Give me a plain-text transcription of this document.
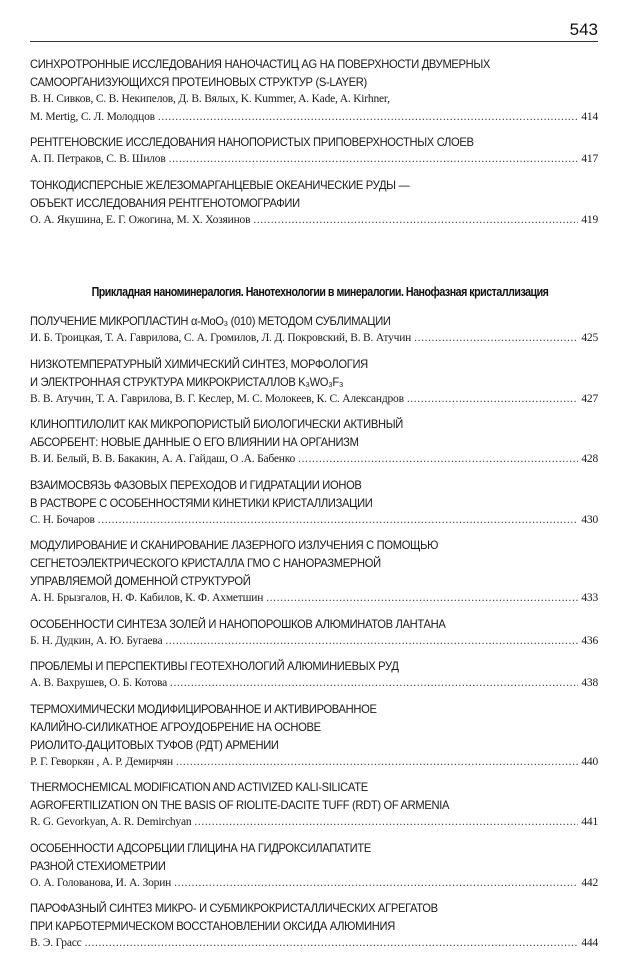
543
СИНХРОТРОННЫЕ ИССЛЕДОВАНИЯ НАНОЧАСТИЦ AG НА ПОВЕРХНОСТИ ДВУМЕРНЫХ
САМООРГАНИЗУЮЩИХСЯ ПРОТЕИНОВЫХ СТРУКТУР (S-LAYER)
В. Н. Сивков, С. В. Некипелов, Д. В. Вялых, K. Kummer, A. Kade, A. Kirhner,
M. Mertig, С. Л. Молодцов .....	414
РЕНТГЕНОВСКИЕ ИССЛЕДОВАНИЯ НАНОПОРИСТЫХ ПРИПОВЕРХНОСТНЫХ СЛОЕВ
А. П. Петраков, С. В. Шилов .....	417
ТОНКОДИСПЕРСНЫЕ ЖЕЛЕЗОМАРГАНЦЕВЫЕ ОКЕАНИЧЕСКИЕ РУДЫ —
ОБЪЕКТ ИССЛЕДОВАНИЯ РЕНТГЕНОТОМОГРАФИИ
О. А. Якушина, Е. Г. Ожогина, М. Х. Хозяинов .....	419
Прикладная наноминералогия. Нанотехнологии в минералогии. Нанофазная кристаллизация
ПОЛУЧЕНИЕ МИКРОПЛАСТИН α-MoO₃ (010) МЕТОДОМ СУБЛИМАЦИИ
И. Б. Троицкая, Т. А. Гаврилова, С. А. Громилов, Л. Д. Покровский, В. В. Атучин .....	425
НИЗКОТЕМПЕРАТУРНЫЙ ХИМИЧЕСКИЙ СИНТЕЗ, МОРФОЛОГИЯ
И ЭЛЕКТРОННАЯ СТРУКТУРА МИКРОКРИСТАЛЛОВ K₃WO₃F₃
В. В. Атучин, Т. А. Гаврилова, В. Г. Кеслер, М. С. Молокеев, К. С. Александров .....	427
КЛИНОПТИЛОЛИТ КАК МИКРОПОРИСТЫЙ БИОЛОГИЧЕСКИ АКТИВНЫЙ
АБСОРБЕНТ: НОВЫЕ ДАННЫЕ О ЕГО ВЛИЯНИИ НА ОРГАНИЗМ
В. И. Белый, В. В. Бакакин, А. А. Гайдаш, О .А. Бабенко .....	428
ВЗАИМОСВЯЗЬ ФАЗОВЫХ ПЕРЕХОДОВ И ГИДРАТАЦИИ ИОНОВ
В РАСТВОРЕ С ОСОБЕННОСТЯМИ КИНЕТИКИ КРИСТАЛЛИЗАЦИИ
С. Н. Бочаров .....	430
МОДУЛИРОВАНИЕ И СКАНИРОВАНИЕ ЛАЗЕРНОГО ИЗЛУЧЕНИЯ С ПОМОЩЬЮ
СЕГНЕТОЭЛЕКТРИЧЕСКОГО КРИСТАЛЛА ГМО С НАНОРАЗМЕРНОЙ
УПРАВЛЯЕМОЙ ДОМЕННОЙ СТРУКТУРОЙ
А. Н. Брызгалов, Н. Ф. Кабилов, К. Ф. Ахметшин .....	433
ОСОБЕННОСТИ СИНТЕЗА ЗОЛЕЙ И НАНОПОРОШКОВ АЛЮМИНАТОВ ЛАНТАНА
Б. Н. Дудкин, А. Ю. Бугаева .....	436
ПРОБЛЕМЫ И ПЕРСПЕКТИВЫ ГЕОТЕХНОЛОГИЙ АЛЮМИНИЕВЫХ РУД
А. В. Вахрушев, О. Б. Котова .....	438
ТЕРМОХИМИЧЕСКИ МОДИФИЦИРОВАННОЕ И АКТИВИРОВАННОЕ
КАЛИЙНО-СИЛИКАТНОЕ АГРОУДОБРЕНИЕ НА ОСНОВЕ
РИОЛИТО-ДАЦИТОВЫХ ТУФОВ (РДТ) АРМЕНИИ
Р. Г. Геворкян , А. Р. Демирчян .....	440
THERMOCHEMICAL MODIFICATION AND ACTIVIZED KALI-SILICATE
AGROFERTILIZATION ON THE BASIS OF RIOLITE-DACITE TUFF (RDT) OF ARMENIA
R. G. Gevorkyan, A. R. Demirchyan .....	441
ОСОБЕННОСТИ АДСОРБЦИИ ГЛИЦИНА НА ГИДРОКСИЛАПАТИТЕ
РАЗНОЙ СТЕХИОМЕТРИИ
О. А. Голованова, И. А. Зорин .....	442
ПАРОФАЗНЫЙ СИНТЕЗ МИКРО- И СУБМИКРОКРИСТАЛЛИЧЕСКИХ АГРЕГАТОВ
ПРИ КАРБОТЕРМИЧЕСКОМ ВОССТАНОВЛЕНИИ ОКСИДА АЛЮМИНИЯ
В. Э. Грасс .....	444
